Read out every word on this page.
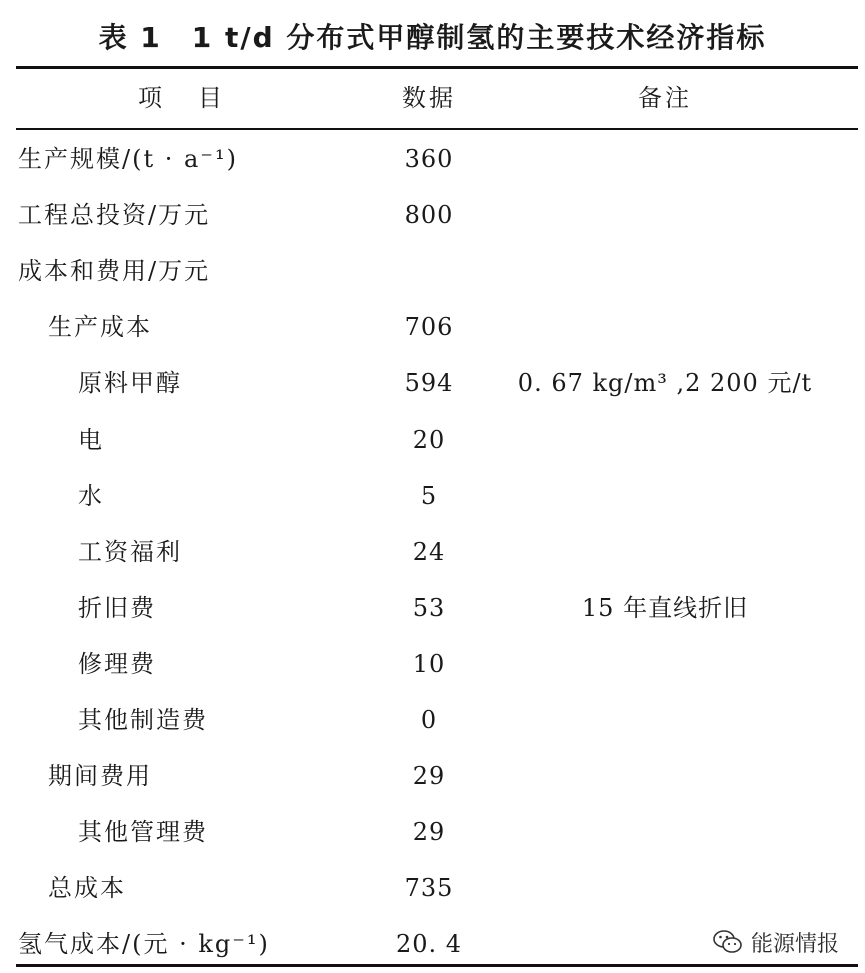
表 1　1 t/d 分布式甲醇制氢的主要技术经济指标
项　目	数据	备注
生产规模/(t · a⁻¹)	360
工程总投资/万元	800
成本和费用/万元
生产成本	706
原料甲醇	594	0. 67 kg/m³ ,2 200 元/t
电	20
水	5
工资福利	24
折旧费	53	15 年直线折旧
修理费	10
其他制造费	0
期间费用	29
其他管理费	29
总成本	735
氢气成本/(元 · kg⁻¹)	20. 4	能源情报
